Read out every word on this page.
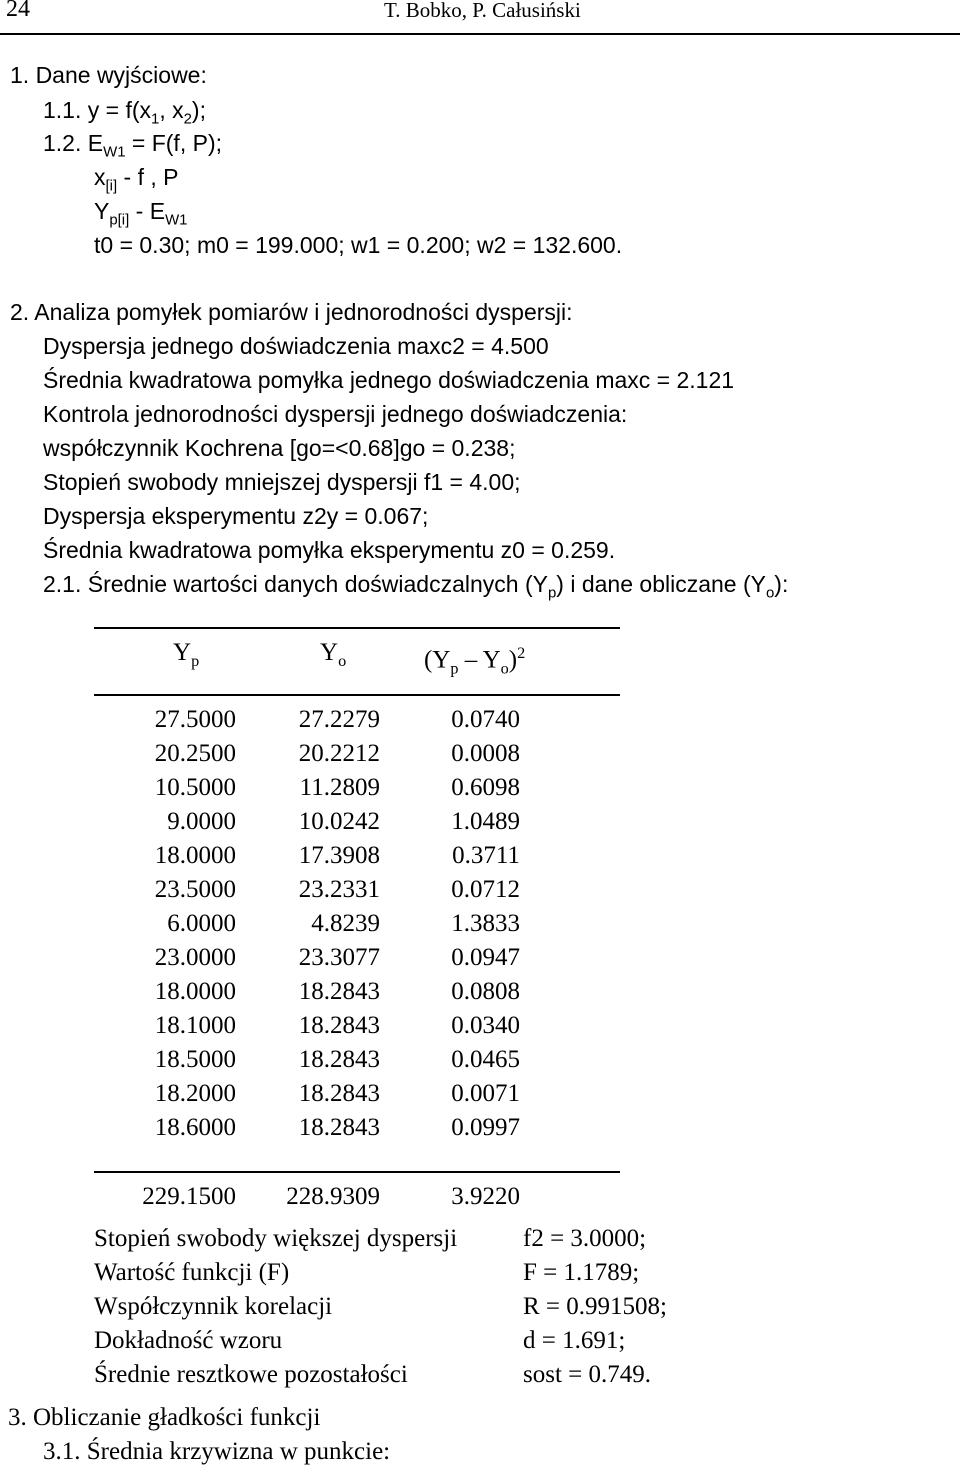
24	T. Bobko, P. Całusiński
1. Dane wyjściowe:
1.1. $y = f(x_1$, $x_2$);
1.2. $E_{W1} = F(f$, P);
$x_{[i]}$ - f , P
$Y_{p[i]} - E_{W1}$
t0 = 0.30; m0 = 199.000; w1 = 0.200; w2 = 132.600.
2. Analiza pomyłek pomiarów i jednorodności dyspersji:
Dyspersja jednego doświadczenia maxc2 = 4.500
Średnia kwadratowa pomyłka jednego doświadczenia maxc = 2.121
Kontrola jednorodności dyspersji jednego doświadczenia:
współczynnik Kochrena [go=<0.68]go = 0.238;
Stopień swobody mniejszej dyspersji f1 = 4.00;
Dyspersja eksperymentu z2y = 0.067;
Średnia kwadratowa pomyłka eksperymentu z0 = 0.259.
2.1. Średnie wartości danych doświadczalnych $(Y_p)$ i dane obliczane $(Y_o)$:
$Y_p$	$Y_o$	$(Y_p - Y_o)^2$
27.5000	27.2279	0.0740
20.2500	20.2212	0.0008
10.5000	11.2809	0.6098
9.0000	10.0242	1.0489
18.0000	17.3908	0.3711
23.5000	23.2331	0.0712
6.0000	4.8239	1.3833
23.0000	23.3077	0.0947
18.0000	18.2843	0.0808
18.1000	18.2843	0.0340
18.5000	18.2843	0.0465
18.2000	18.2843	0.0071
18.6000	18.2843	0.0997
229.1500	228.9309	3.9220
Stopień swobody większej dyspersji	f2 = 3.0000;
Wartość funkcji (F)	F = 1.1789;
Współczynnik korelacji	R = 0.991508;
Dokładność wzoru	d = 1.691;
Średnie resztkowe pozostałości	sost = 0.749.
3. Obliczanie gładkości funkcji
3.1. Średnia krzywizna w punkcie:
